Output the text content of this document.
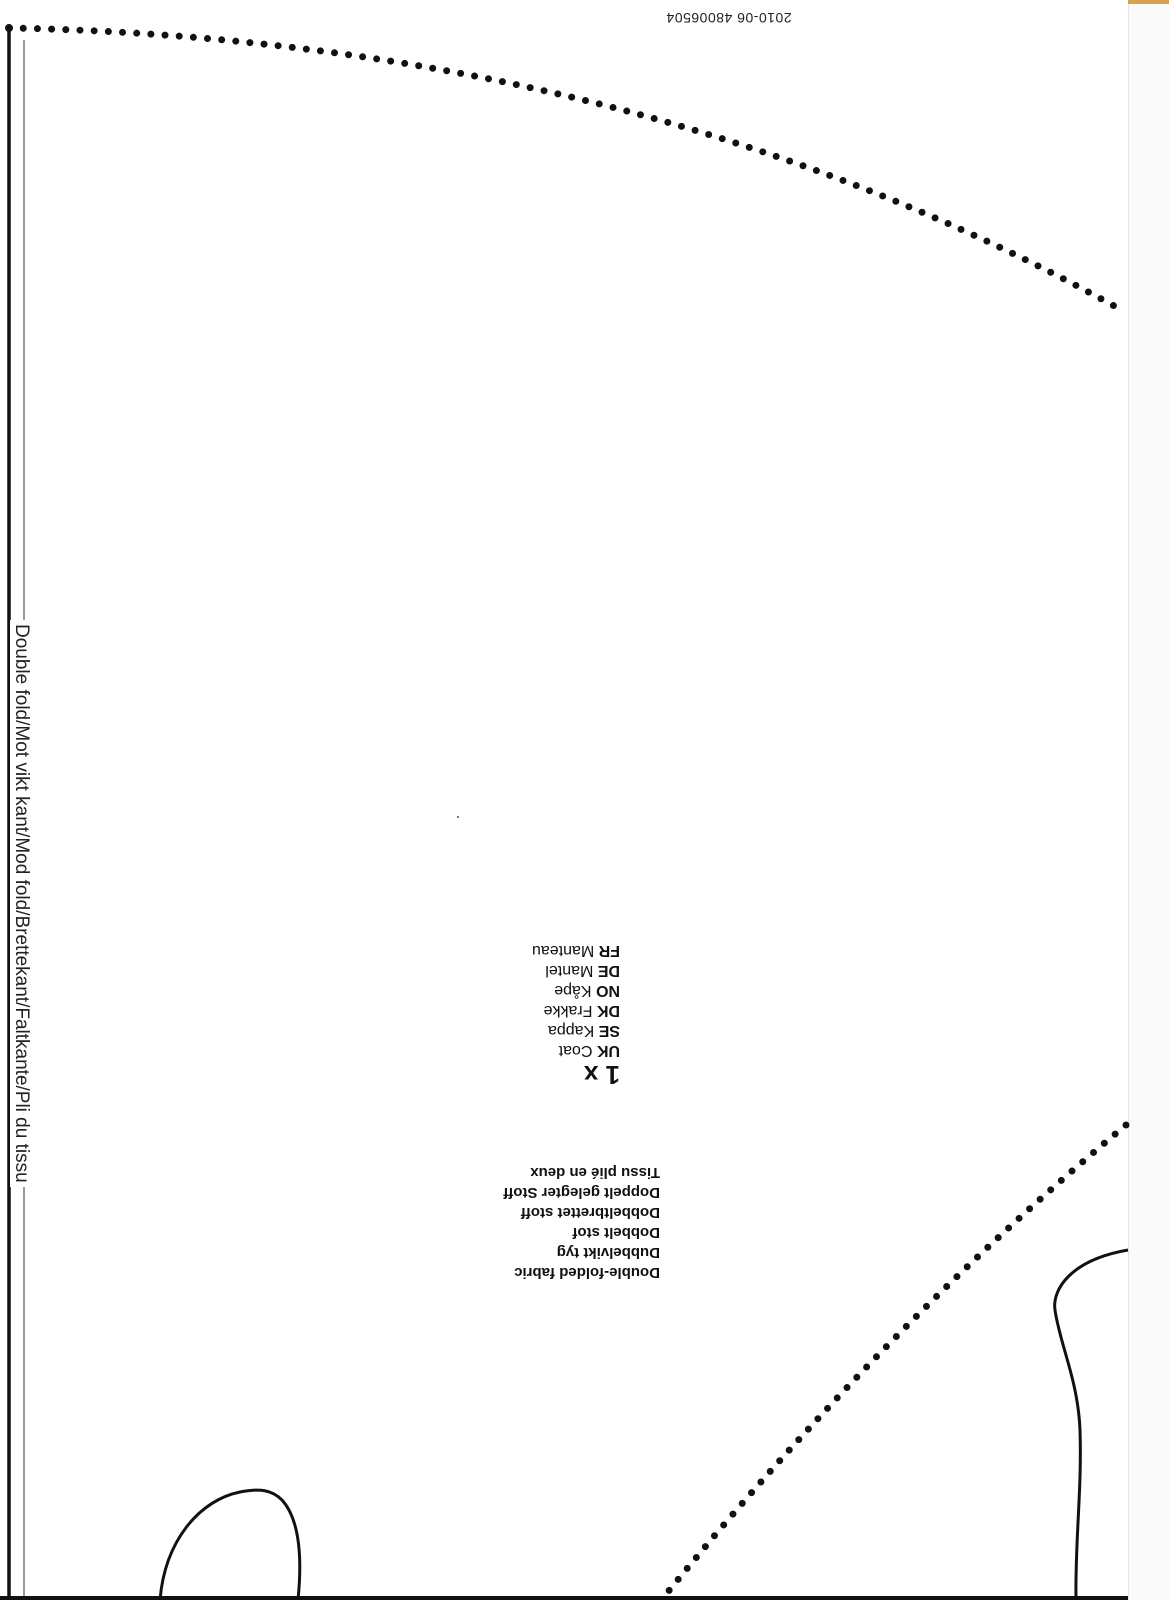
2010-06 48006504
Double fold/Mot vikt kant/Mod fold/Brettekant/Faltkante/Pli du tissu	1 x
UK Coat
SE Kappa
DK Frakke
NO Kåpe
DE Mantel
FR Manteau
Double-folded fabric
Dubbelvikt tyg
Dobbelt stof
Dobbeltbrettet stoff
Doppelt gelegter Stoff
Tissu plié en deux
